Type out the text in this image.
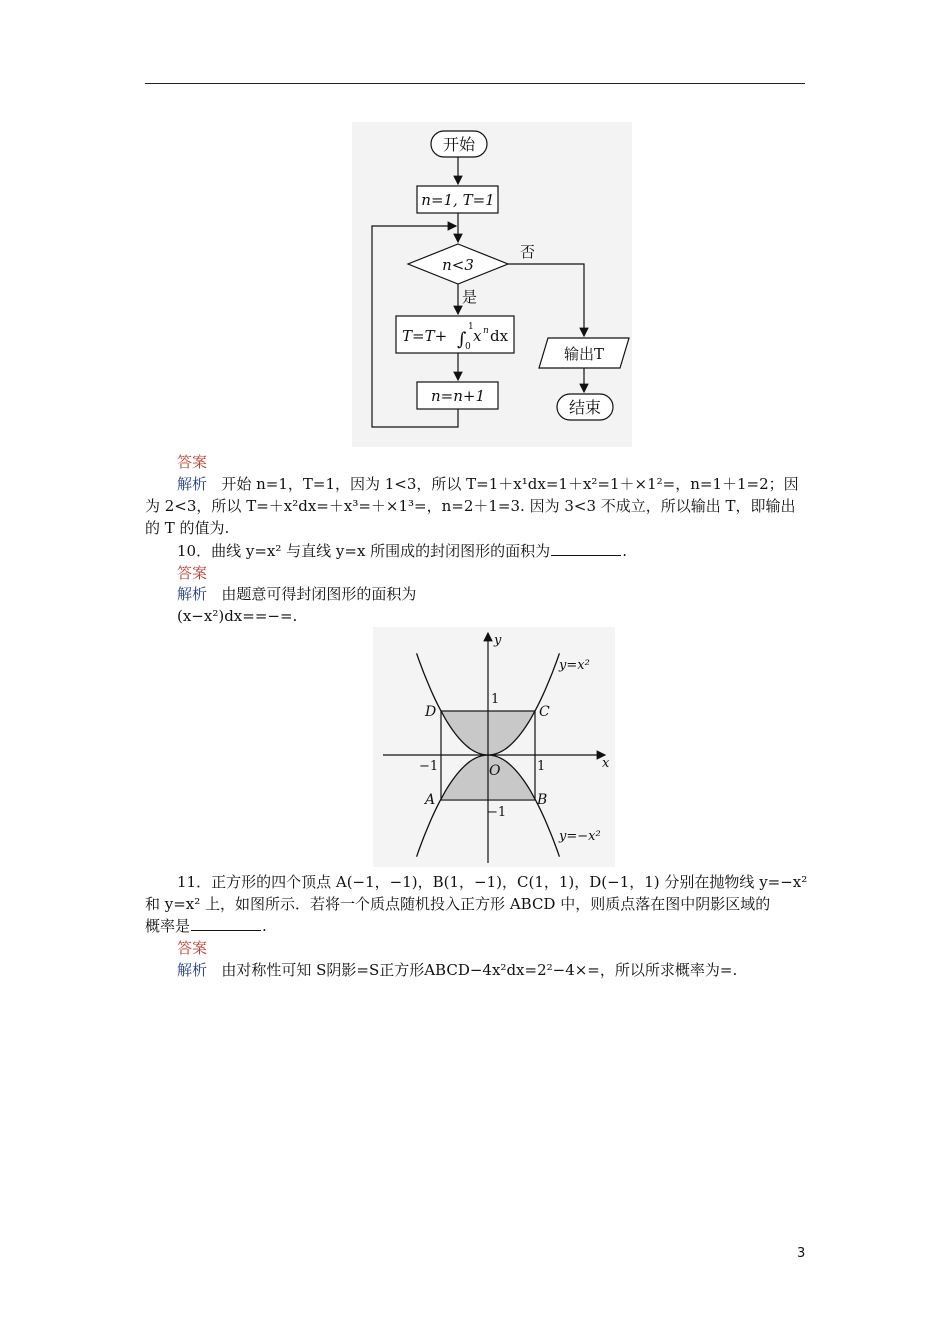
开始
n=1, T=1
n<3
否
是
T=T+ ∫
1
0
x n dx
n=n+1
输出T
结束
答案
解析 开始 n=1，T=1，因为 1<3，所以 T=1＋x¹dx=1＋x²=1＋×1²=，n=1＋1=2；因
为 2<3，所以 T=＋x²dx=＋x³=＋×1³=，n=2＋1=3. 因为 3<3 不成立，所以输出 T，即输出
的 T 的值为.
10．曲线 y=x² 与直线 y=x 所围成的封闭图形的面积为	.
答案
解析 由题意可得封闭图形的面积为
(x−x²)dx==−=.
y
x
O
1
−1
−1	1
D	C
A	B
y=x²
y=−x²
11．正方形的四个顶点 A(−1，−1)，B(1，−1)，C(1，1)，D(−1，1) 分别在抛物线 y=−x²
和 y=x² 上，如图所示．若将一个质点随机投入正方形 ABCD 中，则质点落在图中阴影区域的
概率是	.
答案
解析 由对称性可知 S阴影=S正方形ABCD−4x²dx=2²−4×=，所以所求概率为=.
3
